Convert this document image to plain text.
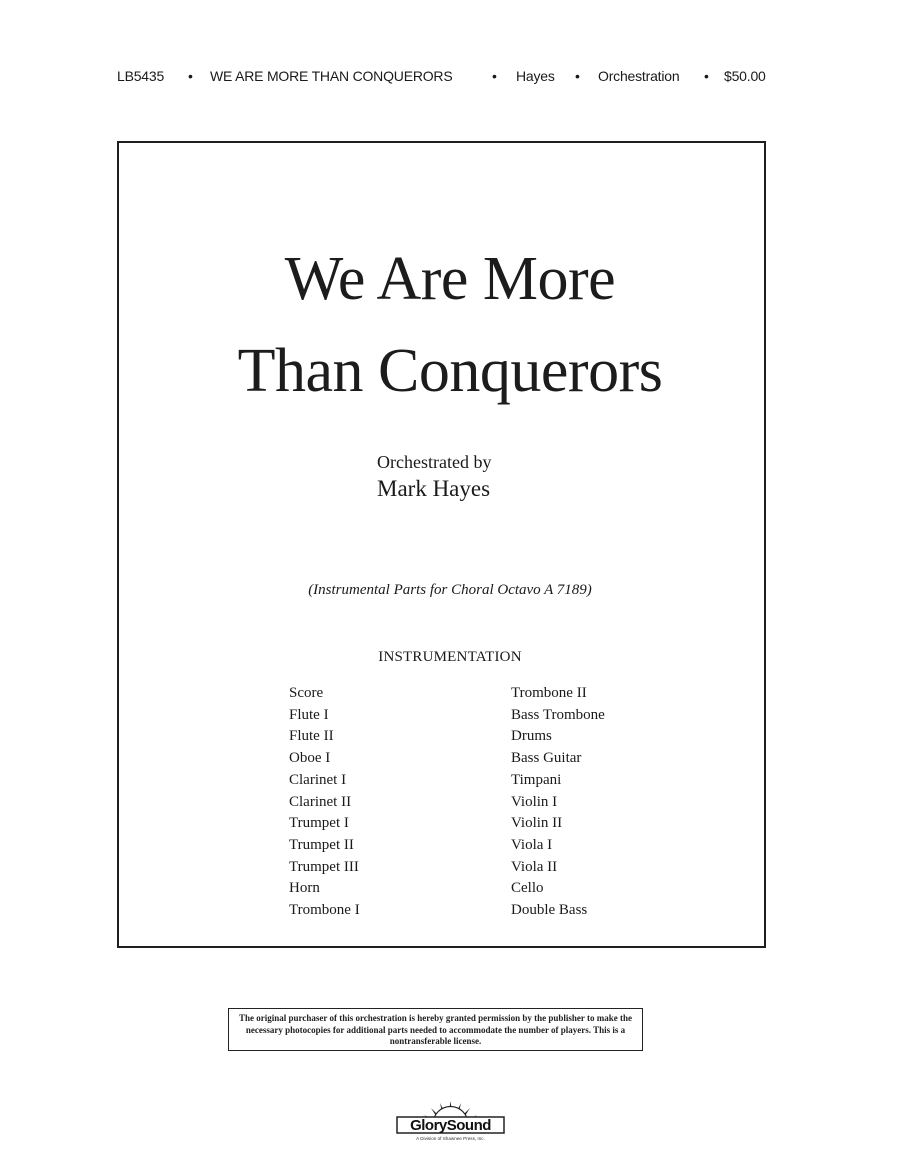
LB5435 • WE ARE MORE THAN CONQUERORS	• Hayes • Orchestration • $50.00
We Are More
Than Conquerors
Orchestrated by
Mark Hayes
(Instrumental Parts for Choral Octavo A 7189)
INSTRUMENTATION
Score
Flute I
Flute II
Oboe I
Clarinet I
Clarinet II
Trumpet I
Trumpet II
Trumpet III
Horn
Trombone I
Trombone II
Bass Trombone
Drums
Bass Guitar
Timpani
Violin I
Violin II
Viola I
Viola II
Cello
Double Bass
The original purchaser of this orchestration is hereby granted permission by the publisher to make the necessary photocopies for additional parts needed to accommodate the number of players. This is a nontransferable license.
GlorySound
A Division of Shawnee Press, Inc.
